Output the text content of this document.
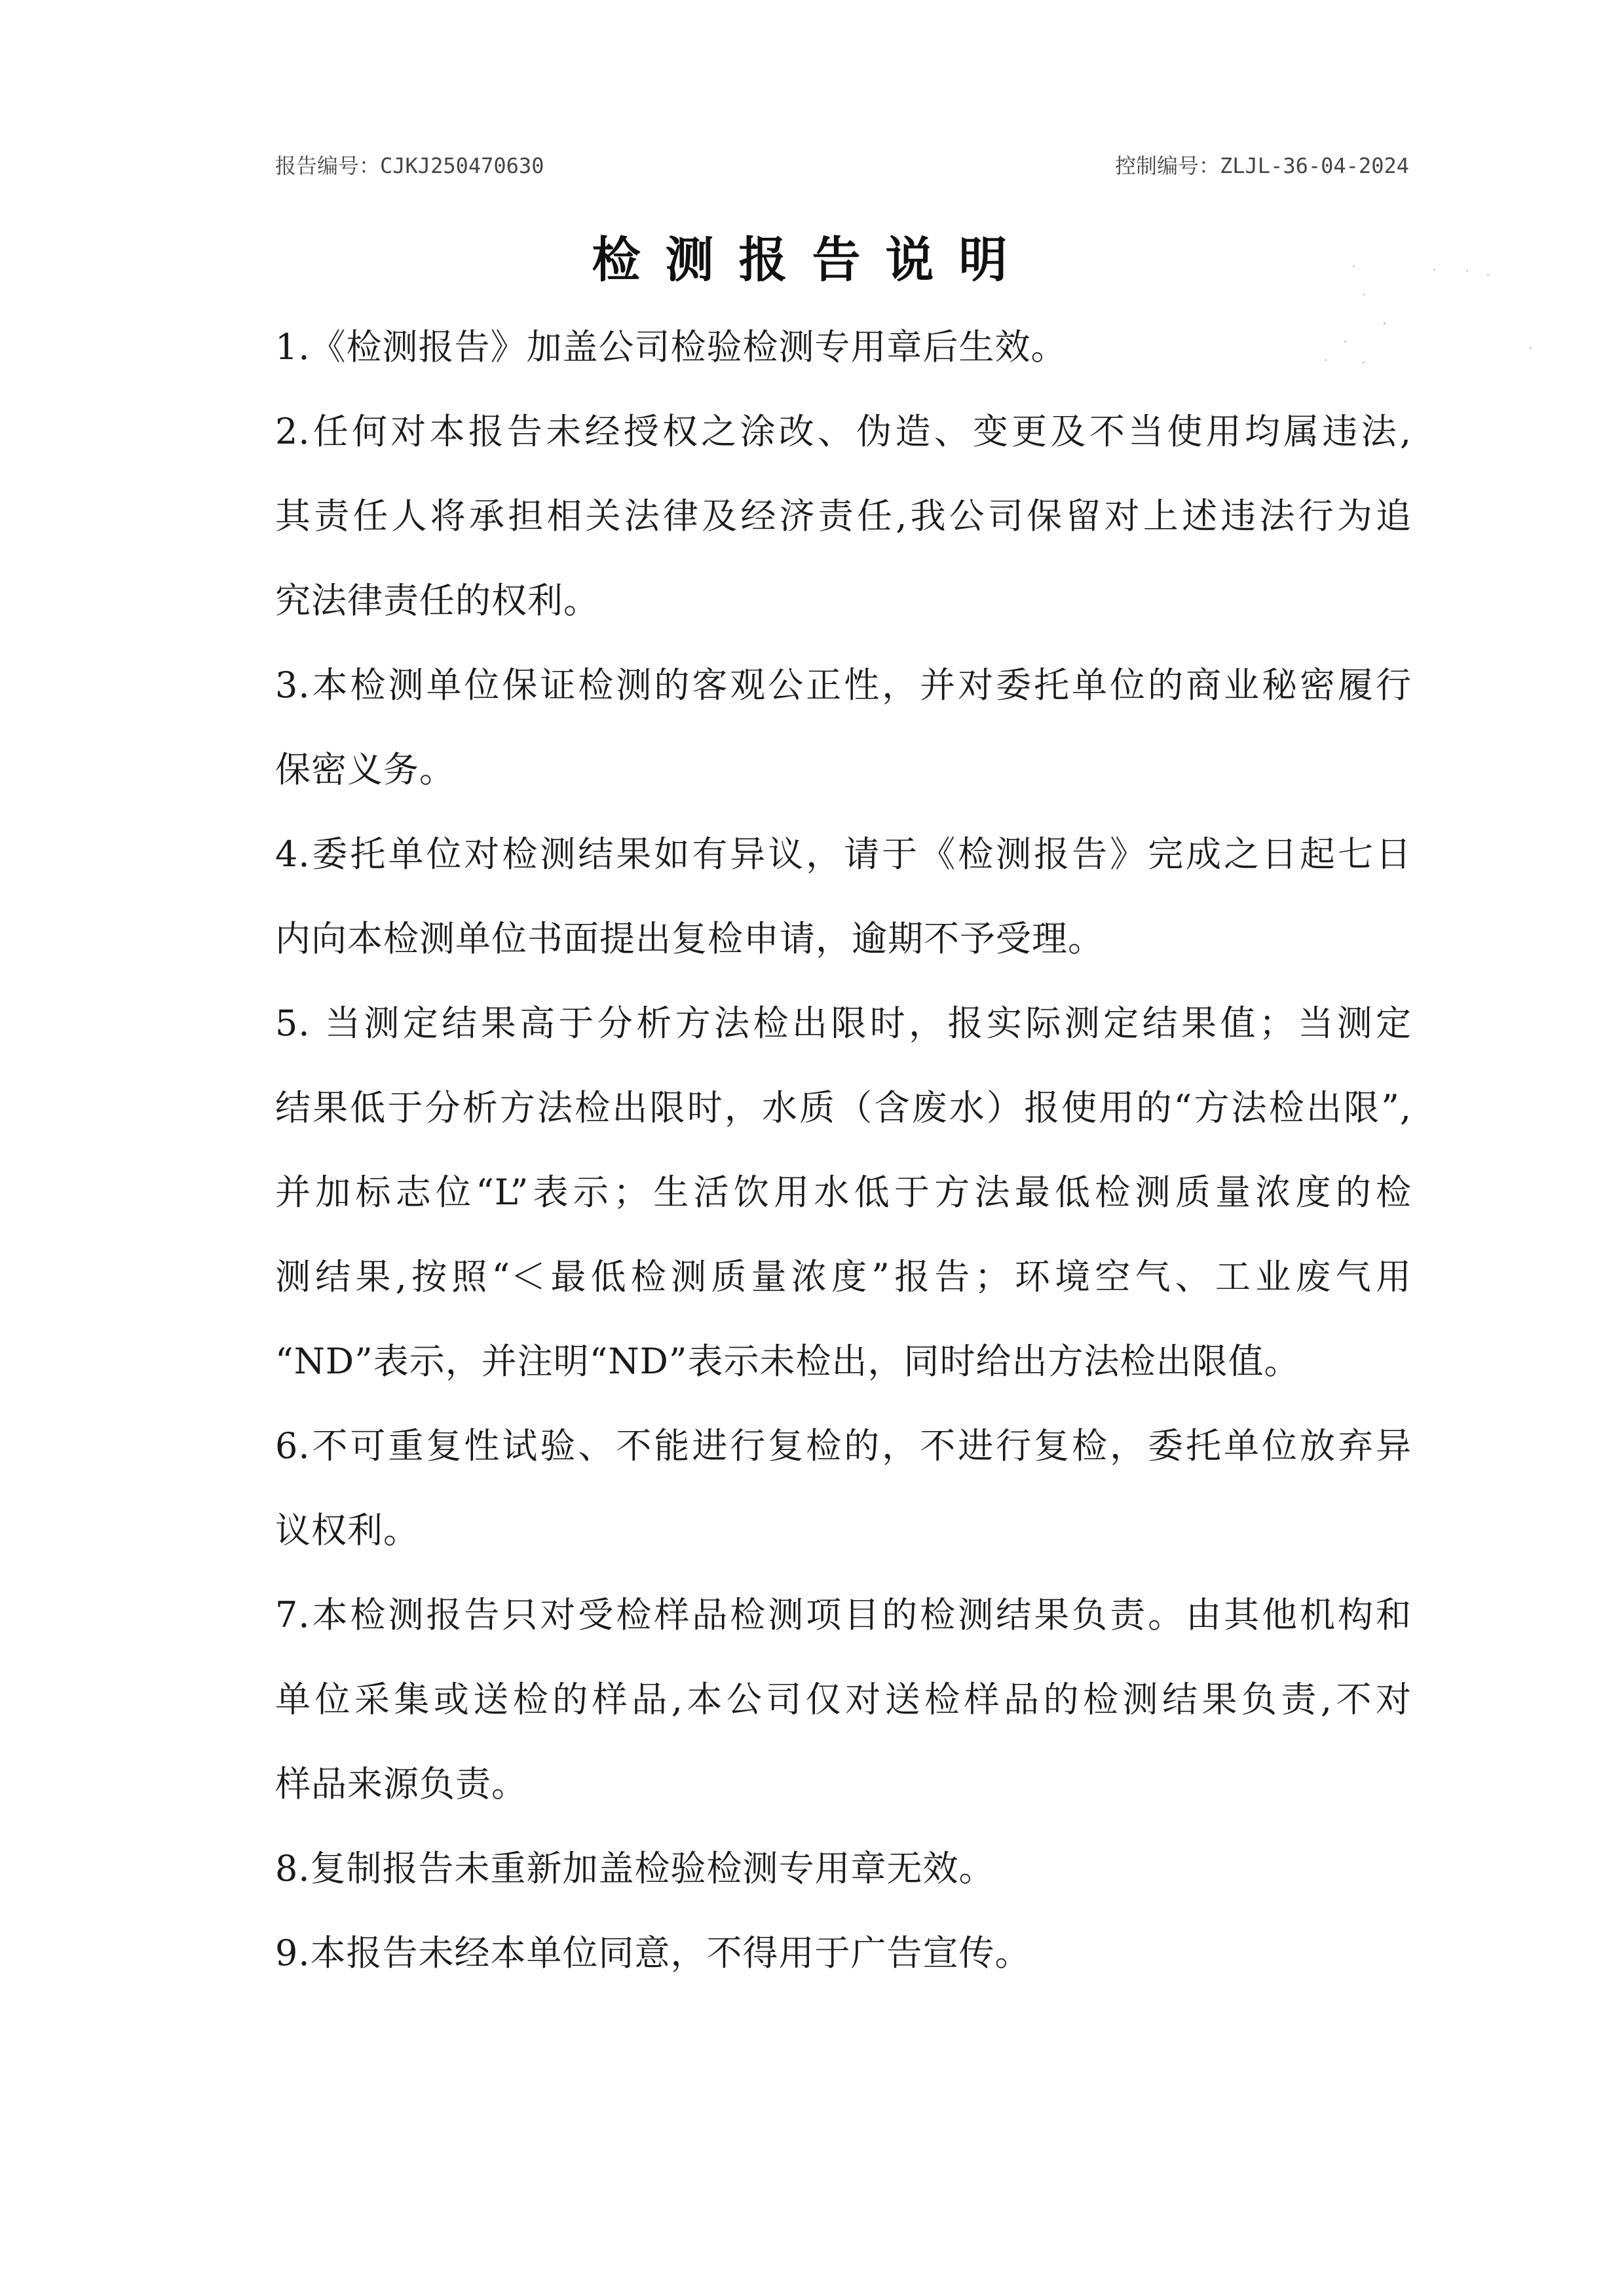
报告编号：CJKJ250470630	控制编号：ZLJL-36-04-2024
检测报告说明

1.《检测报告》加盖公司检验检测专用章后生效。

2.任何对本报告未经授权之涂改、伪造、变更及不当使用均属违法,
其责任人将承担相关法律及经济责任,我公司保留对上述违法行为追
究法律责任的权利。

3.本检测单位保证检测的客观公正性，并对委托单位的商业秘密履行
保密义务。

4.委托单位对检测结果如有异议，请于《检测报告》完成之日起七日
内向本检测单位书面提出复检申请，逾期不予受理。

5. 当测定结果高于分析方法检出限时，报实际测定结果值；当测定
结果低于分析方法检出限时，水质（含废水）报使用的“方法检出限”,
并加标志位“L”表示；生活饮用水低于方法最低检测质量浓度的检
测结果,按照“＜最低检测质量浓度”报告；环境空气、工业废气用
“ND”表示，并注明“ND”表示未检出，同时给出方法检出限值。

6.不可重复性试验、不能进行复检的，不进行复检，委托单位放弃异
议权利。

7.本检测报告只对受检样品检测项目的检测结果负责。由其他机构和
单位采集或送检的样品,本公司仅对送检样品的检测结果负责,不对
样品来源负责。

8.复制报告未重新加盖检验检测专用章无效。

9.本报告未经本单位同意，不得用于广告宣传。
